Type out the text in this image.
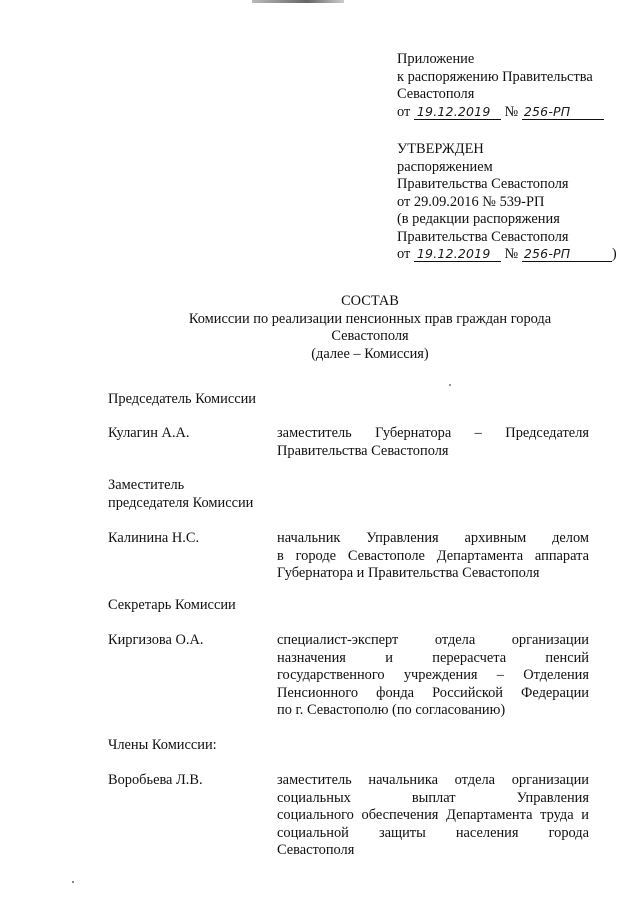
Приложение
к распоряжению Правительства
Севастополя
от 19.12.2019 № 256-РП
УТВЕРЖДЕН
распоряжением
Правительства Севастополя
от 29.09.2016 № 539-РП
(в редакции распоряжения
Правительства Севастополя
от 19.12.2019 № 256-РП	)
СОСТАВ
Комиссии по реализации пенсионных прав граждан города
Севастополя
(далее – Комиссия)
Председатель Комиссии
Кулагин А.А.	заместитель Губернатора – Председателя
Правительства Севастополя
Заместитель
председателя Комиссии
Калинина Н.С.	начальник Управления архивным делом
в городе Севастополе Департамента аппарата
Губернатора и Правительства Севастополя
Секретарь Комиссии
Киргизова О.А.	специалист-эксперт отдела организации
назначения и перерасчета пенсий
государственного учреждения – Отделения
Пенсионного фонда Российской Федерации
по г. Севастополю (по согласованию)
Члены Комиссии:
Воробьева Л.В.	заместитель начальника отдела организации
социальных выплат Управления
социального обеспечения Департамента труда и
социальной защиты населения города
Севастополя
